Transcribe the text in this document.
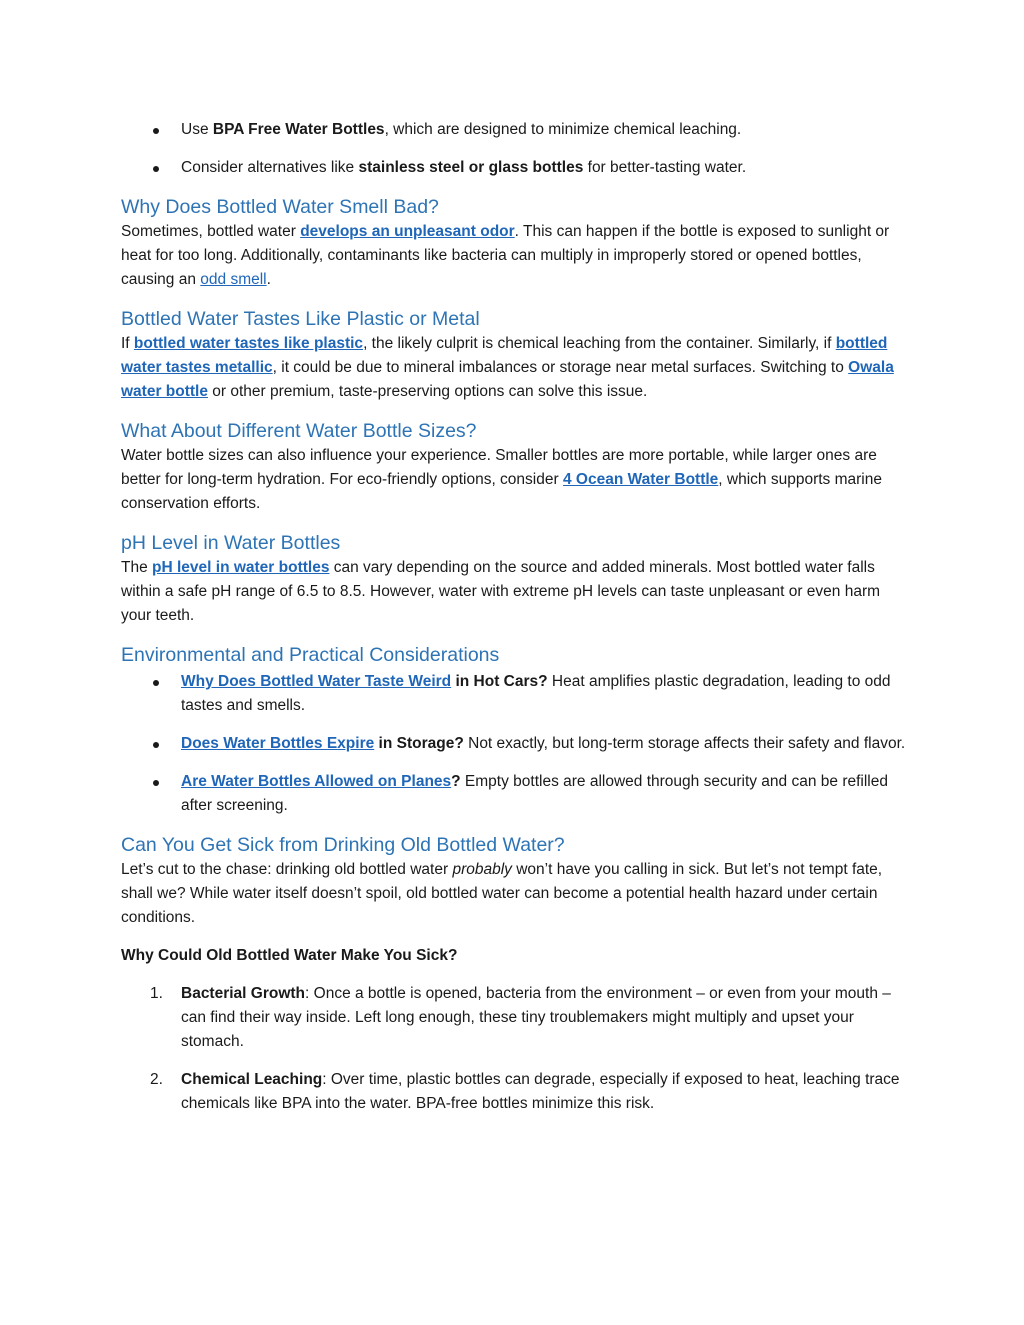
Use BPA Free Water Bottles, which are designed to minimize chemical leaching.
Consider alternatives like stainless steel or glass bottles for better-tasting water.
Why Does Bottled Water Smell Bad?

Sometimes, bottled water develops an unpleasant odor. This can happen if the bottle is exposed to sunlight or heat for too long. Additionally, contaminants like bacteria can multiply in improperly stored or opened bottles, causing an odd smell.

Bottled Water Tastes Like Plastic or Metal

If bottled water tastes like plastic, the likely culprit is chemical leaching from the container. Similarly, if bottled water tastes metallic, it could be due to mineral imbalances or storage near metal surfaces. Switching to Owala water bottle or other premium, taste-preserving options can solve this issue.

What About Different Water Bottle Sizes?

Water bottle sizes can also influence your experience. Smaller bottles are more portable, while larger ones are better for long-term hydration. For eco-friendly options, consider 4 Ocean Water Bottle, which supports marine conservation efforts.

pH Level in Water Bottles

The pH level in water bottles can vary depending on the source and added minerals. Most bottled water falls within a safe pH range of 6.5 to 8.5. However, water with extreme pH levels can taste unpleasant or even harm your teeth.

Environmental and Practical Considerations
Why Does Bottled Water Taste Weird in Hot Cars? Heat amplifies plastic degradation, leading to odd tastes and smells.
Does Water Bottles Expire in Storage? Not exactly, but long-term storage affects their safety and flavor.
Are Water Bottles Allowed on Planes? Empty bottles are allowed through security and can be refilled after screening.
Can You Get Sick from Drinking Old Bottled Water?

Let’s cut to the chase: drinking old bottled water probably won’t have you calling in sick. But let’s not tempt fate, shall we? While water itself doesn’t spoil, old bottled water can become a potential health hazard under certain conditions.

Why Could Old Bottled Water Make You Sick?

1. Bacterial Growth: Once a bottle is opened, bacteria from the environment – or even from your mouth – can find their way inside. Left long enough, these tiny troublemakers might multiply and upset your stomach.
2. Chemical Leaching: Over time, plastic bottles can degrade, especially if exposed to heat, leaching trace chemicals like BPA into the water. BPA-free bottles minimize this risk.
